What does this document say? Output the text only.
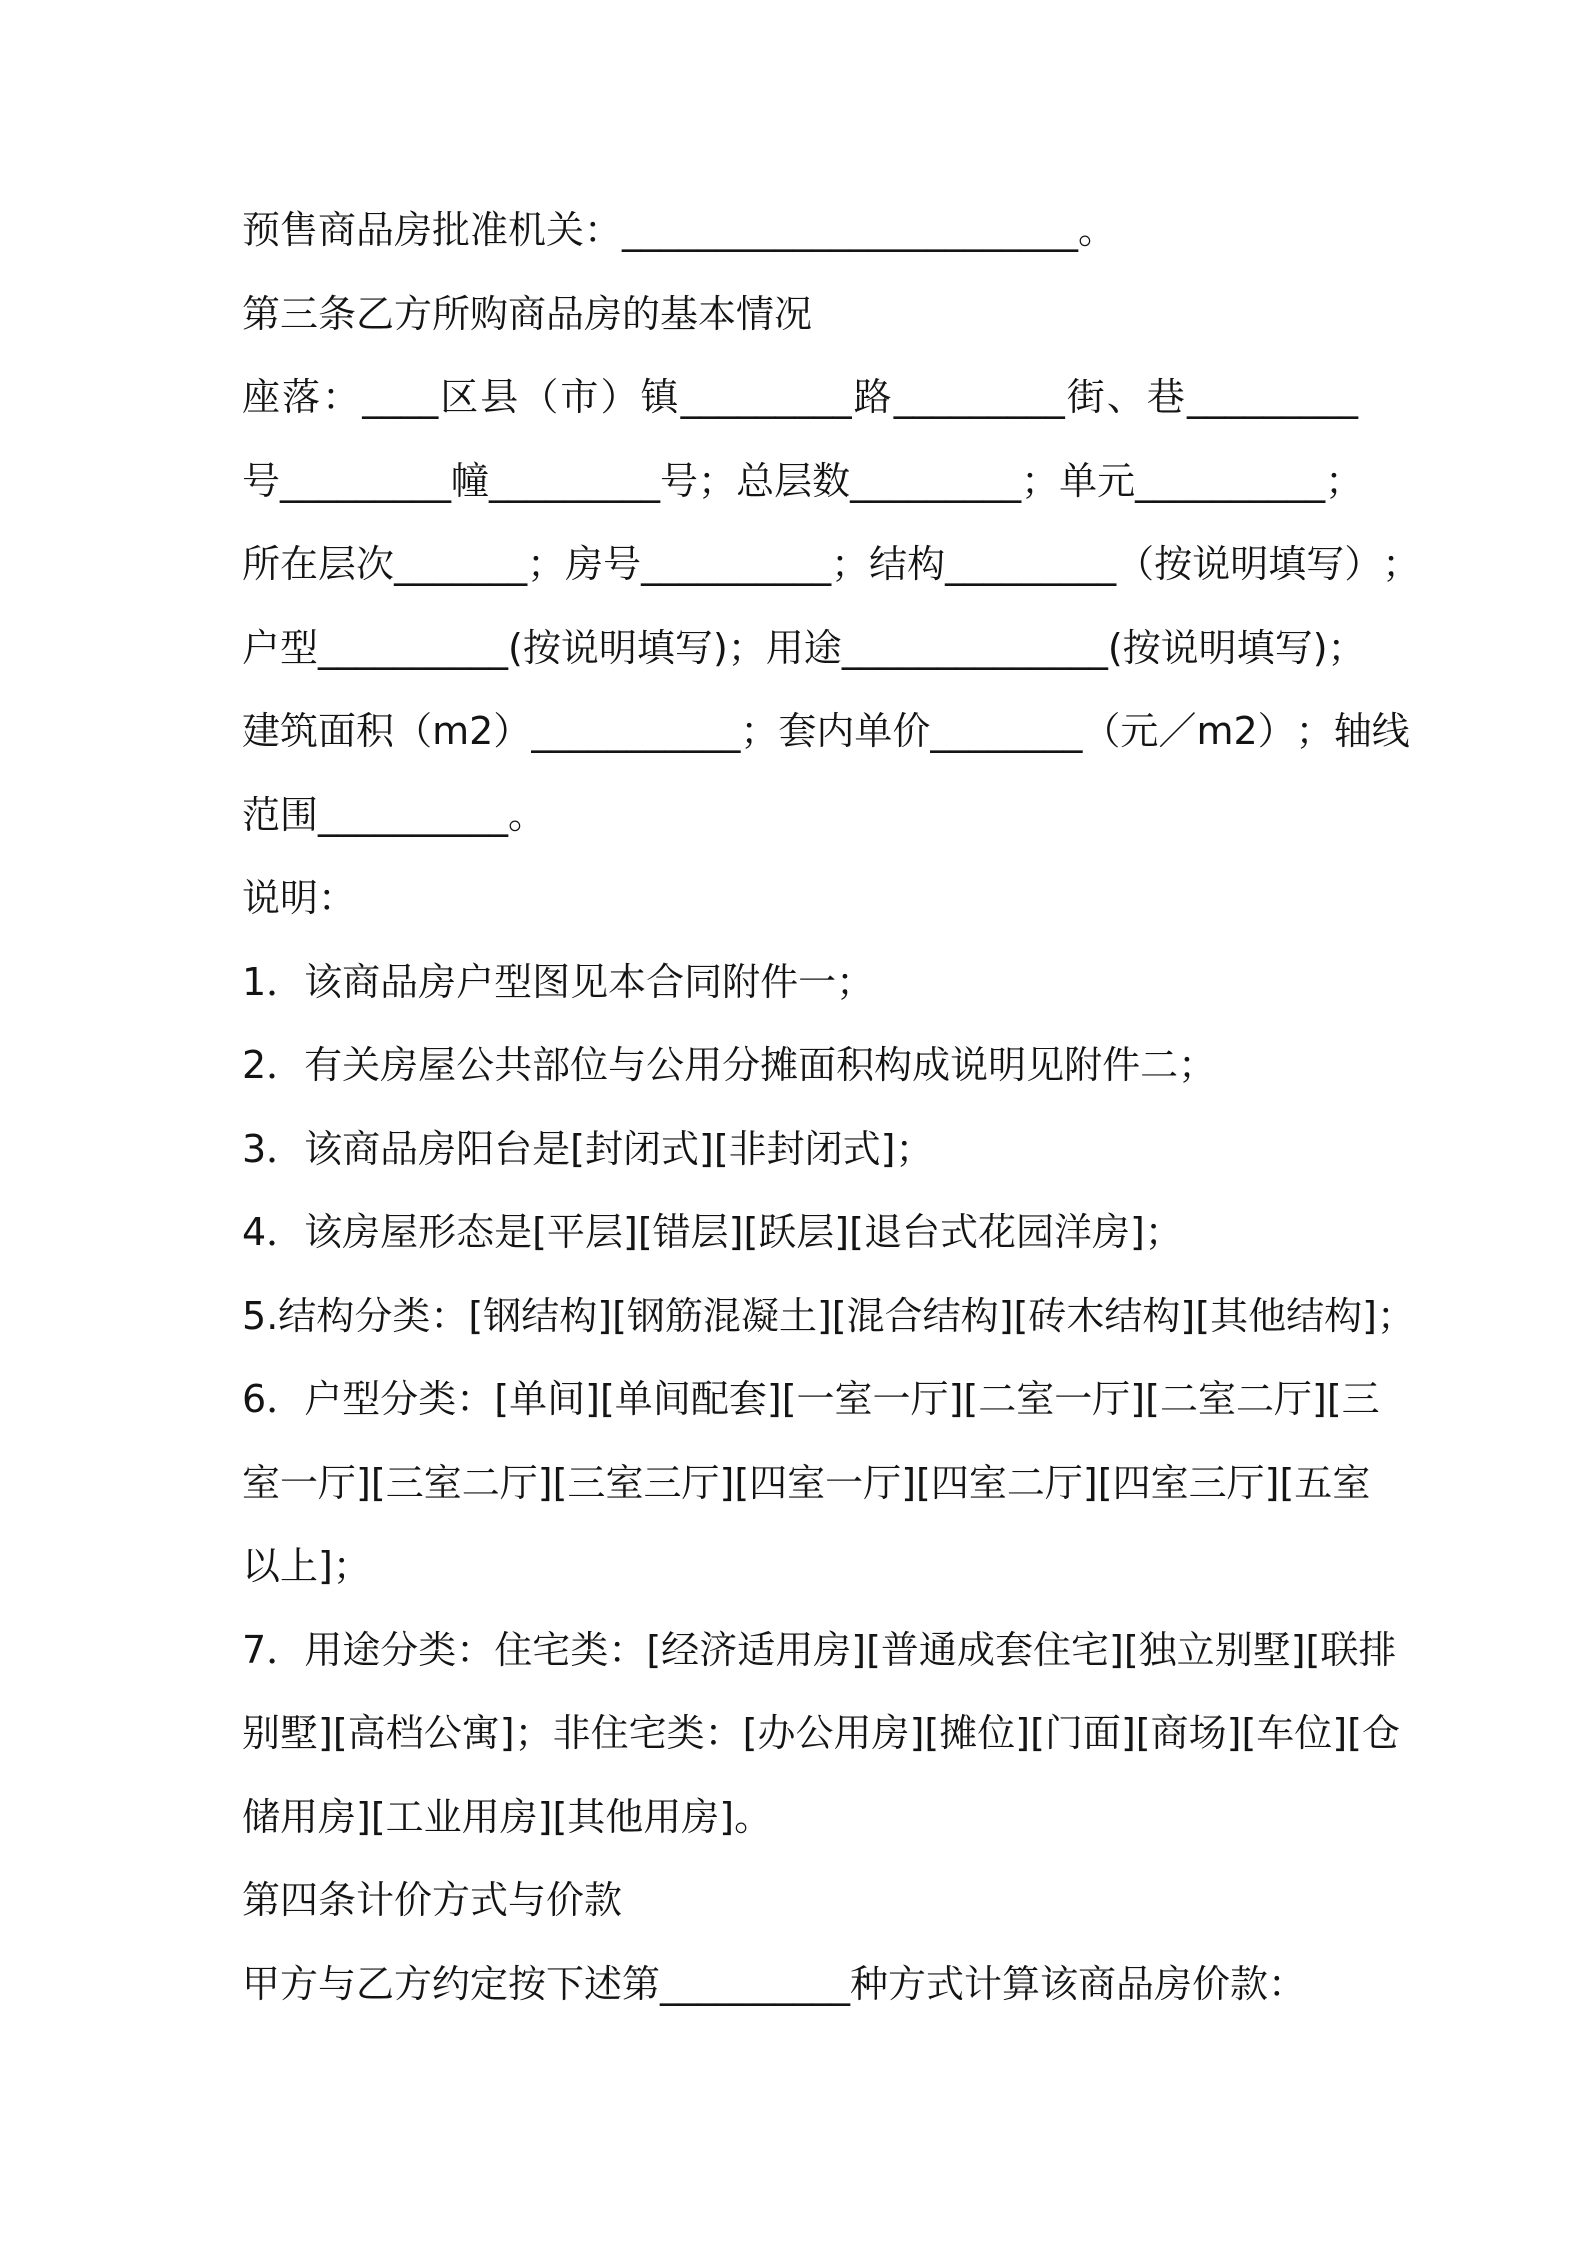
预售商品房批准机关：________________________。

第三条乙方所购商品房的基本情况

座 落 ： ____ 区 县 （ 市 ） 镇 _________ 路 _________ 街 、 巷 _________

号 _________ 幢 _________ 号 ； 总 层 数 _________ ； 单 元 __________ ；

所 在 层 次 _______ ； 房 号 __________ ； 结 构 _________ （ 按 说 明 填 写 ） ；

户 型 __________ ( 按 说 明 填 写 ) ； 用 途 ______________ ( 按 说 明 填 写 ) ；

建 筑 面 积 （ m 2 ） ___________ ； 套 内 单 价 ________ （ 元 ／ m 2 ） ； 轴 线

范围__________。

说明：

1．该商品房户型图见本合同附件一；

2．有关房屋公共部位与公用分摊面积构成说明见附件二；

3．该商品房阳台是[封闭式][非封闭式]；

4．该房屋形态是[平层][错层][跃层][退台式花园洋房]；

5 . 结 构 分 类 ： [ 钢 结 构 ] [ 钢 筋 混 凝 土 ] [ 混 合 结 构 ] [ 砖 木 结 构 ] [ 其 他 结 构 ] ；

6 ． 户 型 分 类 ： [ 单 间 ] [ 单 间 配 套 ] [ 一 室 一 厅 ] [ 二 室 一 厅 ] [ 二 室 二 厅 ] [ 三

室 一 厅 ] [ 三 室 二 厅 ] [ 三 室 三 厅 ] [ 四 室 一 厅 ] [ 四 室 二 厅 ] [ 四 室 三 厅 ] [ 五 室

以上]；

7 ． 用 途 分 类 ： 住 宅 类 ： [ 经 济 适 用 房 ] [ 普 通 成 套 住 宅 ] [ 独 立 别 墅 ] [ 联 排

别 墅 ] [ 高 档 公 寓 ] ； 非 住 宅 类 ： [ 办 公 用 房 ] [ 摊 位 ] [ 门 面 ] [ 商 场 ] [ 车 位 ] [ 仓

储用房][工业用房][其他用房]。

第四条计价方式与价款

甲方与乙方约定按下述第__________种方式计算该商品房价款：
